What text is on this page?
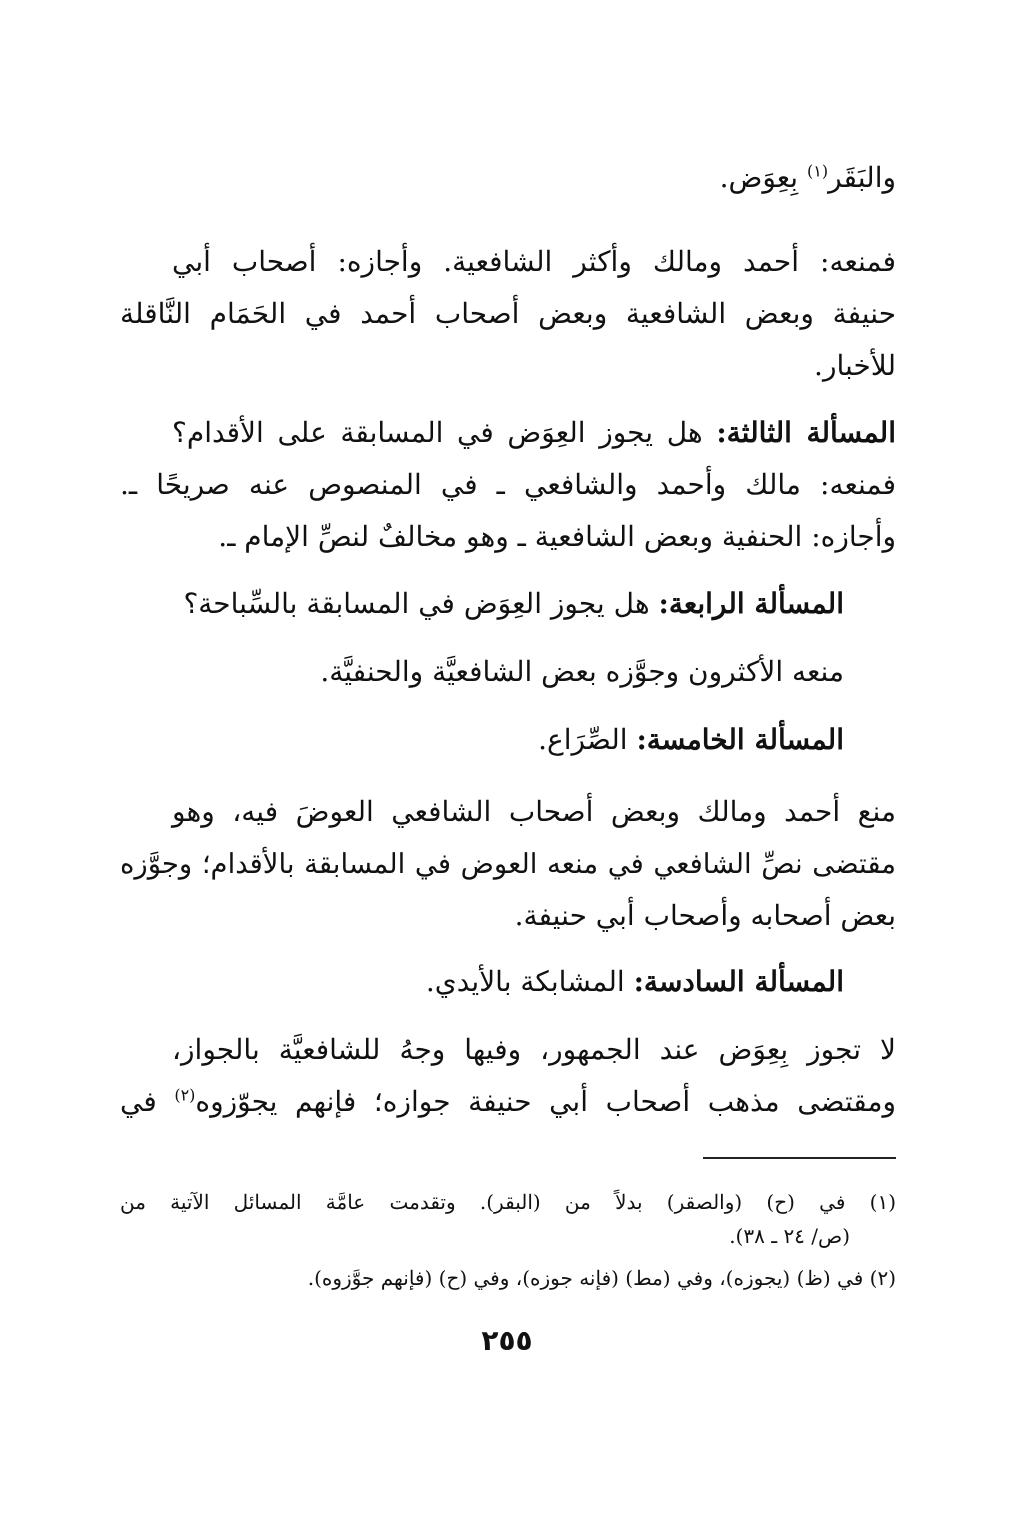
والبَقَر$^{(١)}$ بِعِوَض.
فمنعه: أحمد ومالك وأكثر الشافعية. وأجازه: أصحاب أبي
حنيفة وبعض الشافعية وبعض أصحاب أحمد في الحَمَام النَّاقلة
للأخبار.
المسألة الثالثة: هل يجوز العِوَض في المسابقة على الأقدام؟
فمنعه: مالك وأحمد والشافعي ـ في المنصوص عنه صريحًا ـ.
وأجازه: الحنفية وبعض الشافعية ـ وهو مخالفٌ لنصِّ الإمام ـ.
المسألة الرابعة: هل يجوز العِوَض في المسابقة بالسِّباحة؟
منعه الأكثرون وجوَّزه بعض الشافعيَّة والحنفيَّة.
المسألة الخامسة: الصِّرَاع.
منع أحمد ومالك وبعض أصحاب الشافعي العوضَ فيه، وهو
مقتضى نصِّ الشافعي في منعه العوض في المسابقة بالأقدام؛ وجوَّزه
بعض أصحابه وأصحاب أبي حنيفة.
المسألة السادسة: المشابكة بالأيدي.
لا تجوز بِعِوَض عند الجمهور، وفيها وجهُ للشافعيَّة بالجواز،
ومقتضى مذهب أصحاب أبي حنيفة جوازه؛ فإنهم يجوّزوه$^{(٢)}$ في
(١) في (ح) (والصقر) بدلاً من (البقر). وتقدمت عامَّة المسائل الآتية من
(ص/ ٢٤ ـ ٣٨).
(٢) في (ظ) (يجوزه)، وفي (مط) (فإنه جوزه)، وفي (ح) (فإنهم جوَّزوه).
٢٥٥
